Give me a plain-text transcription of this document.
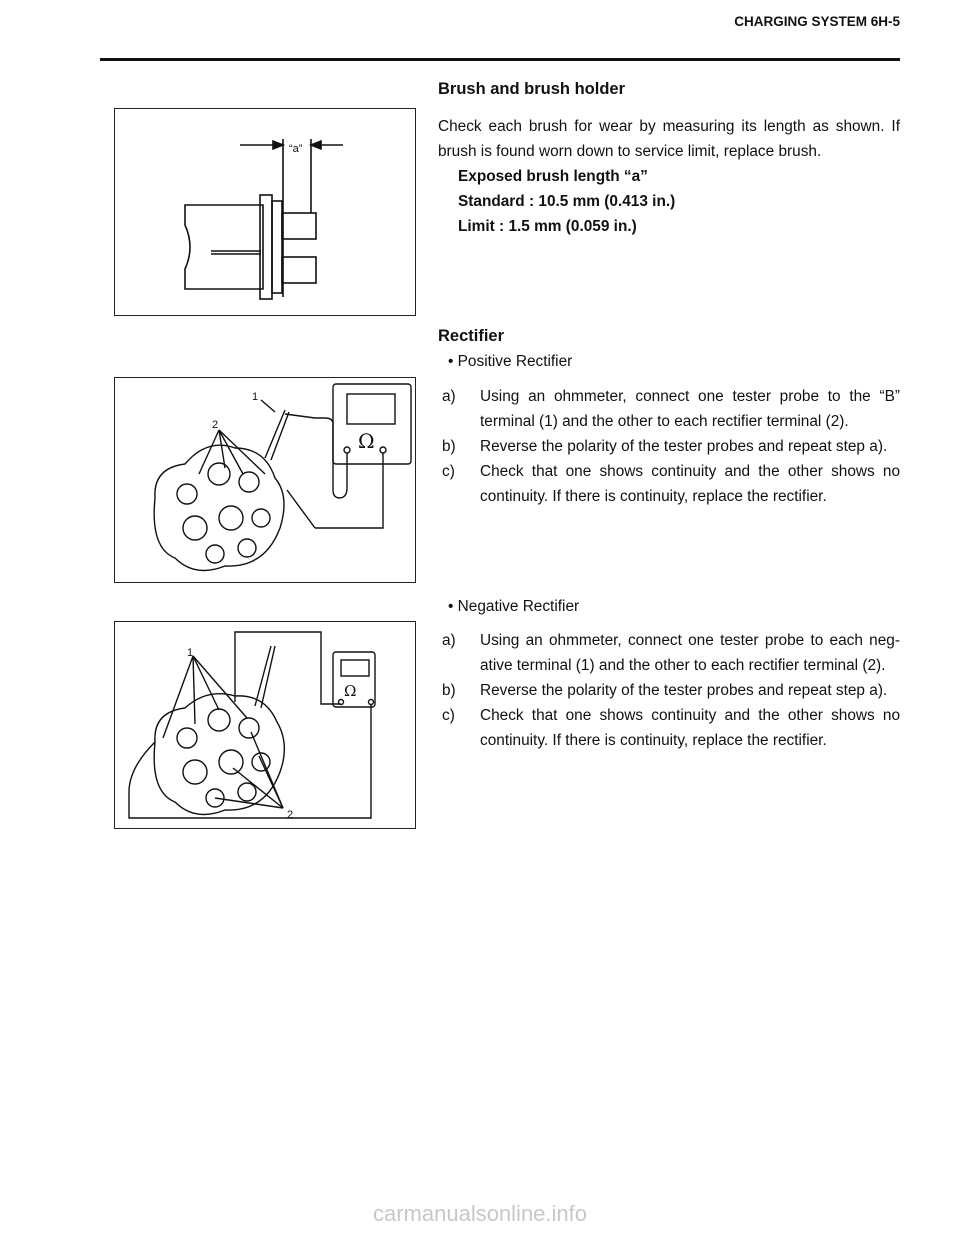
CHARGING SYSTEM 6H-5
“a”
Ω
1
2
Ω
1
2
Brush and brush holder
Check each brush for wear by measuring its length as shown. If brush is found worn down to service limit, replace brush.
Exposed brush length “a”
Standard : 10.5 mm (0.413 in.)
Limit : 1.5 mm (0.059 in.)
Rectifier
• Positive Rectifier
a)	Using an ohmmeter, connect one tester probe to the “B” terminal (1) and the other to each rectifier terminal (2).
b)	Reverse the polarity of the tester probes and repeat step a).
c)	Check that one shows continuity and the other shows no continuity. If there is continuity, replace the rectifier.
• Negative Rectifier
a)	Using an ohmmeter, connect one tester probe to each neg-ative terminal (1) and the other to each rectifier terminal (2).
b)	Reverse the polarity of the tester probes and repeat step a).
c)	Check that one shows continuity and the other shows no continuity. If there is continuity, replace the rectifier.
carmanualsonline.info
